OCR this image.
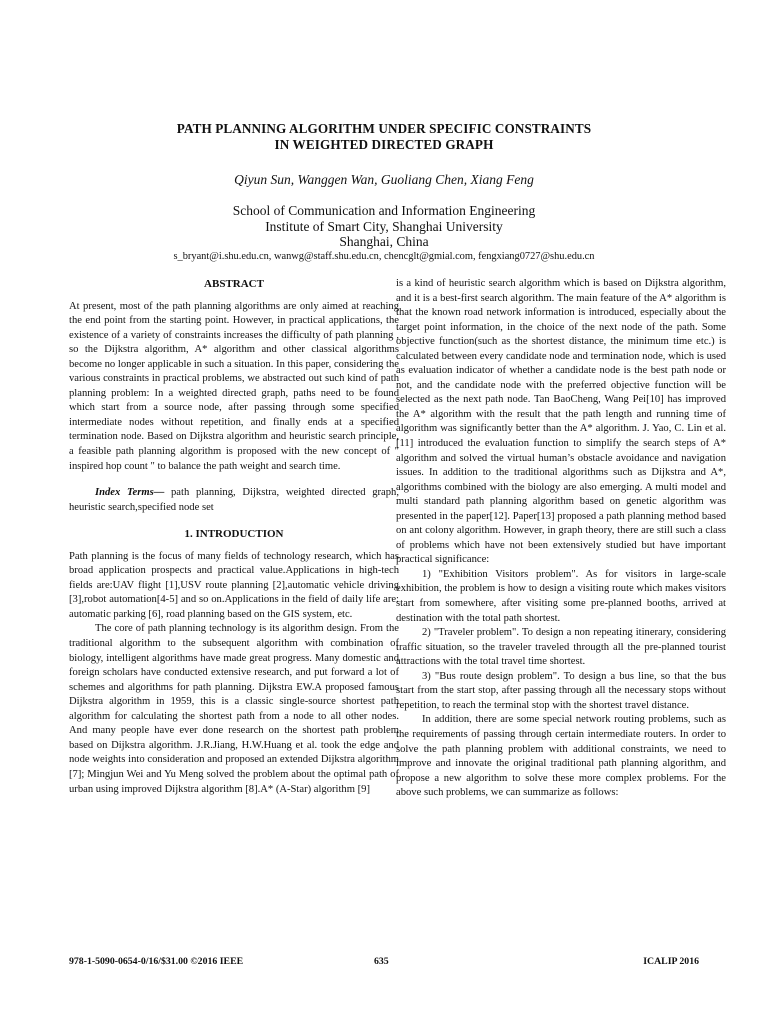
PATH PLANNING ALGORITHM UNDER SPECIFIC CONSTRAINTS
IN WEIGHTED DIRECTED GRAPH
Qiyun Sun, Wanggen Wan, Guoliang Chen, Xiang Feng
School of Communication and Information Engineering
Institute of Smart City, Shanghai University
Shanghai, China
s_bryant@i.shu.edu.cn, wanwg@staff.shu.edu.cn, chencglt@gmial.com, fengxiang0727@shu.edu.cn

ABSTRACT

At present, most of the path planning algorithms are only aimed at reaching the end point from the starting point. However, in practical applications, the existence of a variety of constraints increases the difficulty of path planning , so the Dijkstra algorithm, A* algorithm and other classical algorithms become no longer applicable in such a situation. In this paper, considering the various constraints in practical problems, we abstracted out such kind of path planning problem: In a weighted directed graph, paths need to be found which start from a source node, after passing through some specified intermediate nodes without repetition, and finally ends at a specified termination node. Based on Dijkstra algorithm and heuristic search principle, a feasible path planning algorithm is proposed with the new concept of " inspired hop count " to balance the path weight and search time.

Index Terms— path planning, Dijkstra, weighted directed graph, heuristic search,specified node set

1. INTRODUCTION

Path planning is the focus of many fields of technology research, which has broad application prospects and practical value.Applications in high-tech fields are:UAV flight [1],USV route planning [2],automatic vehicle driving [3],robot automation[4-5] and so on.Applications in the field of daily life are: automatic parking [6], road planning based on the GIS system, etc.

The core of path planning technology is its algorithm design. From the traditional algorithm to the subsequent algorithm with combination of biology, intelligent algorithms have made great progress. Many domestic and foreign scholars have conducted extensive research, and put forward a lot of schemes and algorithms for path planning. Dijkstra EW.A proposed famous Dijkstra algorithm in 1959, this is a classic single-source shortest path algorithm for calculating the shortest path from a node to all other nodes. And many people have ever done research on the shortest path problem based on Dijkstra algorithm. J.R.Jiang, H.W.Huang et al. took the edge and node weights into consideration and proposed an extended Dijkstra algorithm [7]; Mingjun Wei and Yu Meng solved the problem about the optimal path of urban using improved Dijkstra algorithm [8].A* (A-Star) algorithm [9]

is a kind of heuristic search algorithm which is based on Dijkstra algorithm, and it is a best-first search algorithm. The main feature of the A* algorithm is that the known road network information is introduced, especially about the target point information, in the choice of the next node of the path. Some objective function(such as the shortest distance, the minimum time etc.) is calculated between every candidate node and termination node, which is used as evaluation indicator of whether a candidate node is the best path node or not, and the candidate node with the preferred objective function will be selected as the next path node. Tan BaoCheng, Wang Pei[10] has improved the A* algorithm with the result that the path length and running time of algorithm was significantly better than the A* algorithm. J. Yao, C. Lin et al.[11] introduced the evaluation function to simplify the search steps of A* algorithm and solved the virtual human’s obstacle avoidance and navigation issues. In addition to the traditional algorithms such as Dijkstra and A*, algorithms combined with the biology are also emerging. A multi model and multi standard path planning algorithm based on genetic algorithm was presented in the paper[12]. Paper[13] proposed a path planning method based on ant colony algorithm. However, in graph theory, there are still such a class of problems which have not been extensively studied but have important practical significance:

1) "Exhibition Visitors problem". As for visitors in large-scale exhibition, the problem is how to design a visiting route which makes visitors start from somewhere, after visiting some pre-planned booths, arrived at destination with the total path shortest.

2) "Traveler problem". To design a non repeating itinerary, considering traffic situation, so the traveler traveled througth all the pre-planned tourist attractions with the total travel time shortest.

3) "Bus route design problem". To design a bus line, so that the bus start from the start stop, after passing through all the necessary stops without repetition, to reach the terminal stop with the shortest travel distance.

In addition, there are some special network routing problems, such as the requirements of passing through certain intermediate routers. In order to solve the path planning problem with additional constraints, we need to improve and innovate the original traditional path planning algorithm, and propose a new algorithm to solve these more complex problems. For the above such problems, we can summarize as follows:

978-1-5090-0654-0/16/$31.00 ©2016 IEEE	635	ICALIP 2016
